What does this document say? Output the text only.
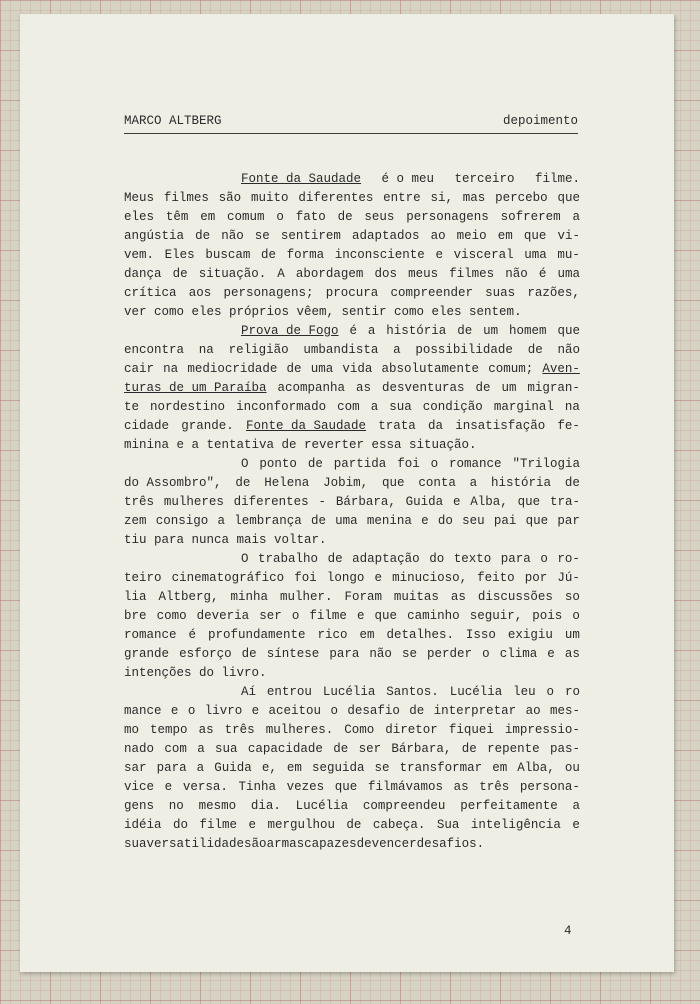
MARCO ALTBERG	depoimento
Fonte da Saudade é o meu terceiro filme.
Meus filmes são muito diferentes entre si, mas percebo que
eles têm em comum o fato de seus personagens sofrerem a
angústia de não se sentirem adaptados ao meio em que vi-
vem. Eles buscam de forma inconsciente e visceral uma mu-
dança de situação. A abordagem dos meus filmes não é uma
crítica aos personagens; procura compreender suas razões,
ver como eles próprios vêem, sentir como eles sentem.
Prova de Fogo é a história de um homem que
encontra na religião umbandista a possibilidade de não
cair na mediocridade de uma vida absolutamente comum; Aven-
turas de um Paraíba acompanha as desventuras de um migran-
te nordestino inconformado com a sua condição marginal na
cidade grande. Fonte da Saudade trata da insatisfação fe-
minina e a tentativa de reverter essa situação.
O ponto de partida foi o romance "Trilogia
do Assombro", de Helena Jobim, que conta a história de
três mulheres diferentes - Bárbara, Guida e Alba, que tra-
zem consigo a lembrança de uma menina e do seu pai que par
tiu para nunca mais voltar.
O trabalho de adaptação do texto para o ro-
teiro cinematográfico foi longo e minucioso, feito por Jú-
lia Altberg, minha mulher. Foram muitas as discussões so
bre como deveria ser o filme e que caminho seguir, pois o
romance é profundamente rico em detalhes. Isso exigiu um
grande esforço de síntese para não se perder o clima e as
intenções do livro.
Aí entrou Lucélia Santos. Lucélia leu o ro
mance e o livro e aceitou o desafio de interpretar ao mes-
mo tempo as três mulheres. Como diretor fiquei impressio-
nado com a sua capacidade de ser Bárbara, de repente pas-
sar para a Guida e, em seguida se transformar em Alba, ou
vice e versa. Tinha vezes que filmávamos as três persona-
gens no mesmo dia. Lucélia compreendeu perfeitamente a
idéia do filme e mergulhou de cabeça. Sua inteligência e
sua versatilidade são armas capazes de vencer desafios.
4
